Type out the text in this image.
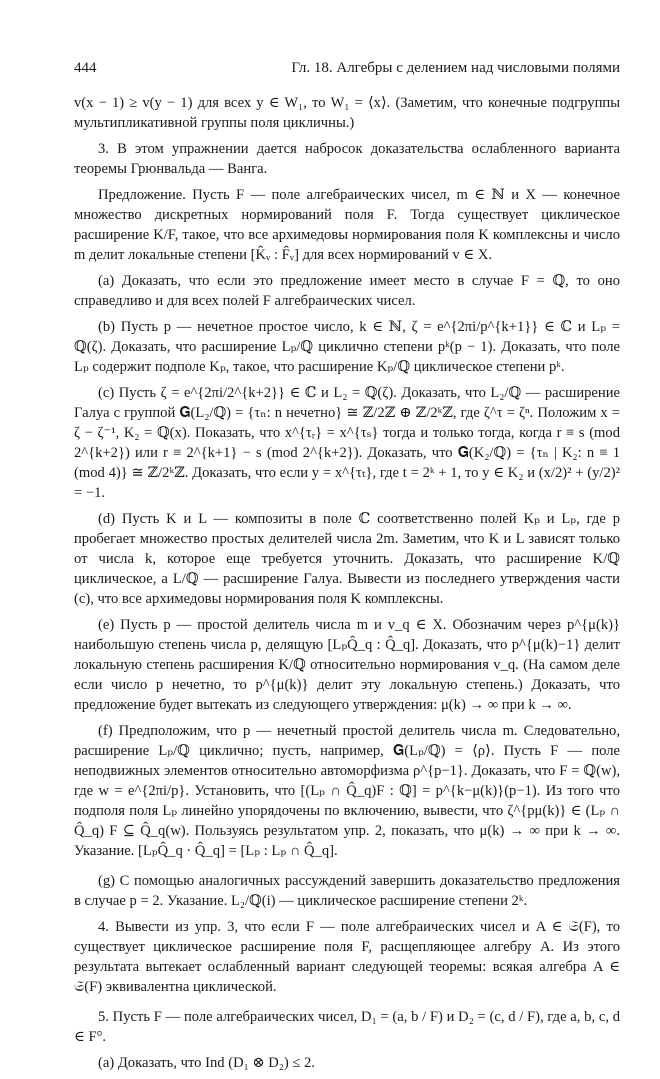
444	Гл. 18. Алгебры с делением над числовыми полями

v(x − 1) ≥ v(y − 1) для всех y ∈ W₁, то W₁ = ⟨x⟩. (Заметим, что конечные подгруппы мультипликативной группы поля цикличны.)

3. В этом упражнении дается набросок доказательства ослабленного варианта теоремы Грюнвальда — Ванга.

Предложение. Пусть F — поле алгебраических чисел, m ∈ ℕ и X — конечное множество дискретных нормирований поля F. Тогда существует циклическое расширение K/F, такое, что все архимедовы нормирования поля K комплексны и число m делит локальные степени [K̂ᵥ : F̂ᵥ] для всех нормирований v ∈ X.

(a) Доказать, что если это предложение имеет место в случае F = ℚ, то оно справедливо и для всех полей F алгебраических чисел.

(b) Пусть p — нечетное простое число, k ∈ ℕ, ζ = e^{2πi/p^{k+1}} ∈ ℂ и Lₚ = ℚ(ζ). Доказать, что расширение Lₚ/ℚ циклично степени pᵏ(p − 1). Доказать, что поле Lₚ содержит подполе Kₚ, такое, что расширение Kₚ/ℚ циклическое степени pᵏ.

(c) Пусть ζ = e^{2πi/2^{k+2}} ∈ ℂ и L₂ = ℚ(ζ). Доказать, что L₂/ℚ — расширение Галуа с группой 𝐆(L₂/ℚ) = {τₙ: n нечетно} ≅ ℤ/2ℤ ⊕ ℤ/2ᵏℤ, где ζ^τ = ζⁿ. Положим x = ζ − ζ⁻¹, K₂ = ℚ(x). Показать, что x^{τᵣ} = x^{τₛ} тогда и только тогда, когда r ≡ s (mod 2^{k+2}) или r ≡ 2^{k+1} − s (mod 2^{k+2}). Доказать, что 𝐆(K₂/ℚ) = {τₙ | K₂: n ≡ 1 (mod 4)} ≅ ℤ/2ᵏℤ. Доказать, что если y = x^{τₜ}, где t = 2ᵏ + 1, то y ∈ K₂ и (x/2)² + (y/2)² = −1.

(d) Пусть K и L — композиты в поле ℂ соответственно полей Kₚ и Lₚ, где p пробегает множество простых делителей числа 2m. Заметим, что K и L зависят только от числа k, которое еще требуется уточнить. Доказать, что расширение K/ℚ циклическое, а L/ℚ — расширение Галуа. Вывести из последнего утверждения части (c), что все архимедовы нормирования поля K комплексны.

(e) Пусть p — простой делитель числа m и v_q ∈ X. Обозначим через p^{μ(k)} наибольшую степень числа p, делящую [LₚQ̂_q : Q̂_q]. Доказать, что p^{μ(k)−1} делит локальную степень расширения K/ℚ относительно нормирования v_q. (На самом деле если число p нечетно, то p^{μ(k)} делит эту локальную степень.) Доказать, что предложение будет вытекать из следующего утверждения: μ(k) → ∞ при k → ∞.

(f) Предположим, что p — нечетный простой делитель числа m. Следовательно, расширение Lₚ/ℚ циклично; пусть, например, 𝐆(Lₚ/ℚ) = ⟨ρ⟩. Пусть F — поле неподвижных элементов относительно автоморфизма ρ^{p−1}. Доказать, что F = ℚ(w), где w = e^{2πi/p}. Установить, что [(Lₚ ∩ Q̂_q)F : ℚ] = p^{k−μ(k)}(p−1). Из того что подполя поля Lₚ линейно упорядочены по включению, вывести, что ζ^{pμ(k)} ∈ (Lₚ ∩ Q̂_q) F ⊆ Q̂_q(w). Пользуясь результатом упр. 2, показать, что μ(k) → ∞ при k → ∞. Указание. [LₚQ̂_q · Q̂_q] = [Lₚ : Lₚ ∩ Q̂_q].

(g) С помощью аналогичных рассуждений завершить доказательство предложения в случае p = 2. Указание. L₂/ℚ(i) — циклическое расширение степени 2ᵏ.

4. Вывести из упр. 3, что если F — поле алгебраических чисел и A ∈ 𝔖(F), то существует циклическое расширение поля F, расщепляющее алгебру A. Из этого результата вытекает ослабленный вариант следующей теоремы: всякая алгебра A ∈ 𝔖(F) эквивалентна циклической.

5. Пусть F — поле алгебраических чисел, D₁ = (a, b / F) и D₂ = (c, d / F), где a, b, c, d ∈ F°.

(a) Доказать, что Ind (D₁ ⊗ D₂) ≤ 2.
